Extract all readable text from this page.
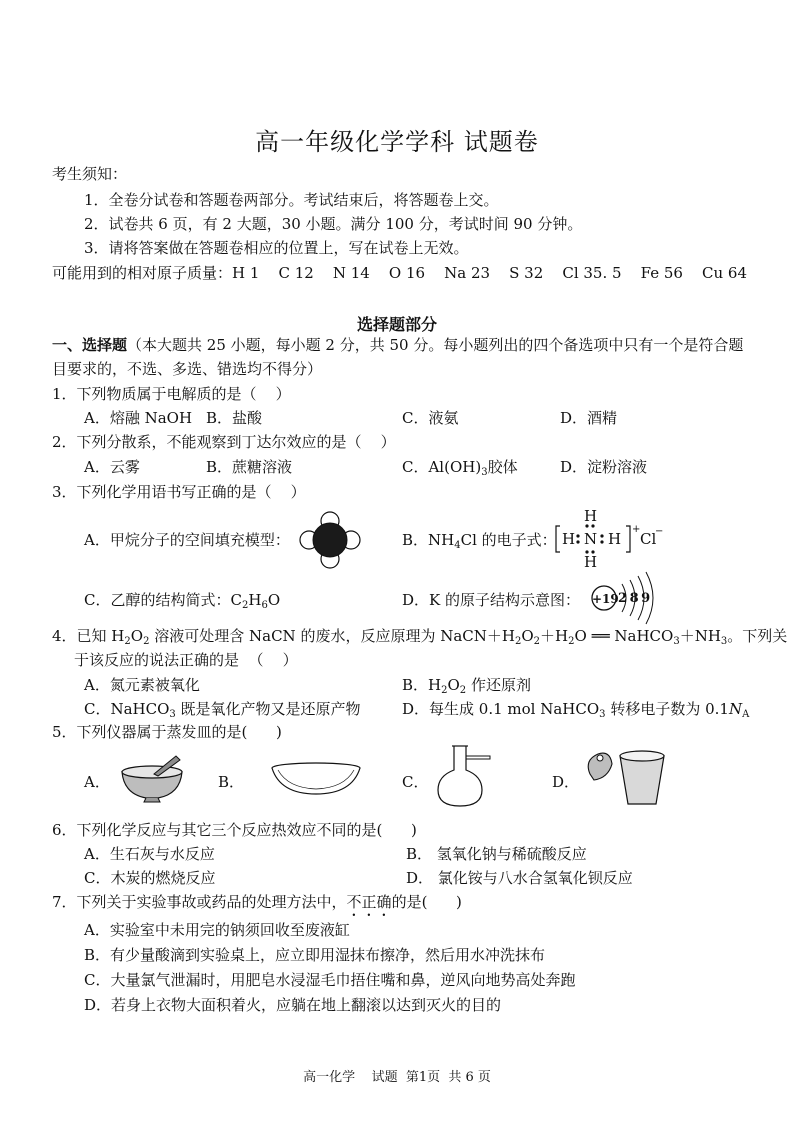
高一年级化学学科 试题卷
考生须知：
1．全卷分试卷和答题卷两部分。考试结束后，将答题卷上交。
2．试卷共 6 页，有 2 大题，30 小题。满分 100 分，考试时间 90 分钟。
3．请将答案做在答题卷相应的位置上，写在试卷上无效。
可能用到的相对原子质量：H 1    C 12    N 14    O 16    Na 23    S 32    Cl 35. 5    Fe 56    Cu 64
选择题部分
一、选择题（本大题共 25 小题，每小题 2 分，共 50 分。每小题列出的四个备选项中只有一个是符合题目要求的，不选、多选、错选均不得分）
1．下列物质属于电解质的是（    ）
A．熔融 NaOH B．盐酸	C．液氨	D．酒精
2．下列分散系，不能观察到丁达尔效应的是（    ）
A．云雾	B．蔗糖溶液	C．$Al(OH)_3$胶体	D．淀粉溶液
3．下列化学用语书写正确的是（    ）
A．甲烷分子的空间填充模型：	B．$NH_4Cl$ 的电子式：
H
H N H
H
+
Cl
−
C．乙醇的结构简式：$C_2H_6O$	D．K 的原子结构示意图： +19 2 8 9
4．已知 $H_2O_2$ 溶液可处理含 NaCN 的废水，反应原理为 $NaCN+H_2O_2+H_2O$ ══ $NaHCO_3+NH_3$。下列关
于该反应的说法正确的是  （    ）
A．氮元素被氧化	B．$H_2O_2$ 作还原剂
C．NaHCO$_3$ 既是氧化产物又是还原产物	D．每生成 0.1 mol NaHCO$_3$ 转移电子数为 $0.1N_A$
5．下列仪器属于蒸发皿的是(      )
A．	B．	C．	D．
6．下列化学反应与其它三个反应热效应不同的是(      )
A．生石灰与水反应	B． 氢氧化钠与稀硫酸反应
C．木炭的燃烧反应	D． 氯化铵与八水合氢氧化钡反应
7．下列关于实验事故或药品的处理方法中，不正确的是(      )
A．实验室中未用完的钠须回收至废液缸
B．有少量酸滴到实验桌上，应立即用湿抹布擦净，然后用水冲洗抹布
C．大量氯气泄漏时，用肥皂水浸湿毛巾捂住嘴和鼻，逆风向地势高处奔跑
D．若身上衣物大面积着火，应躺在地上翻滚以达到灭火的目的
高一化学    试题  第1页  共 6 页
